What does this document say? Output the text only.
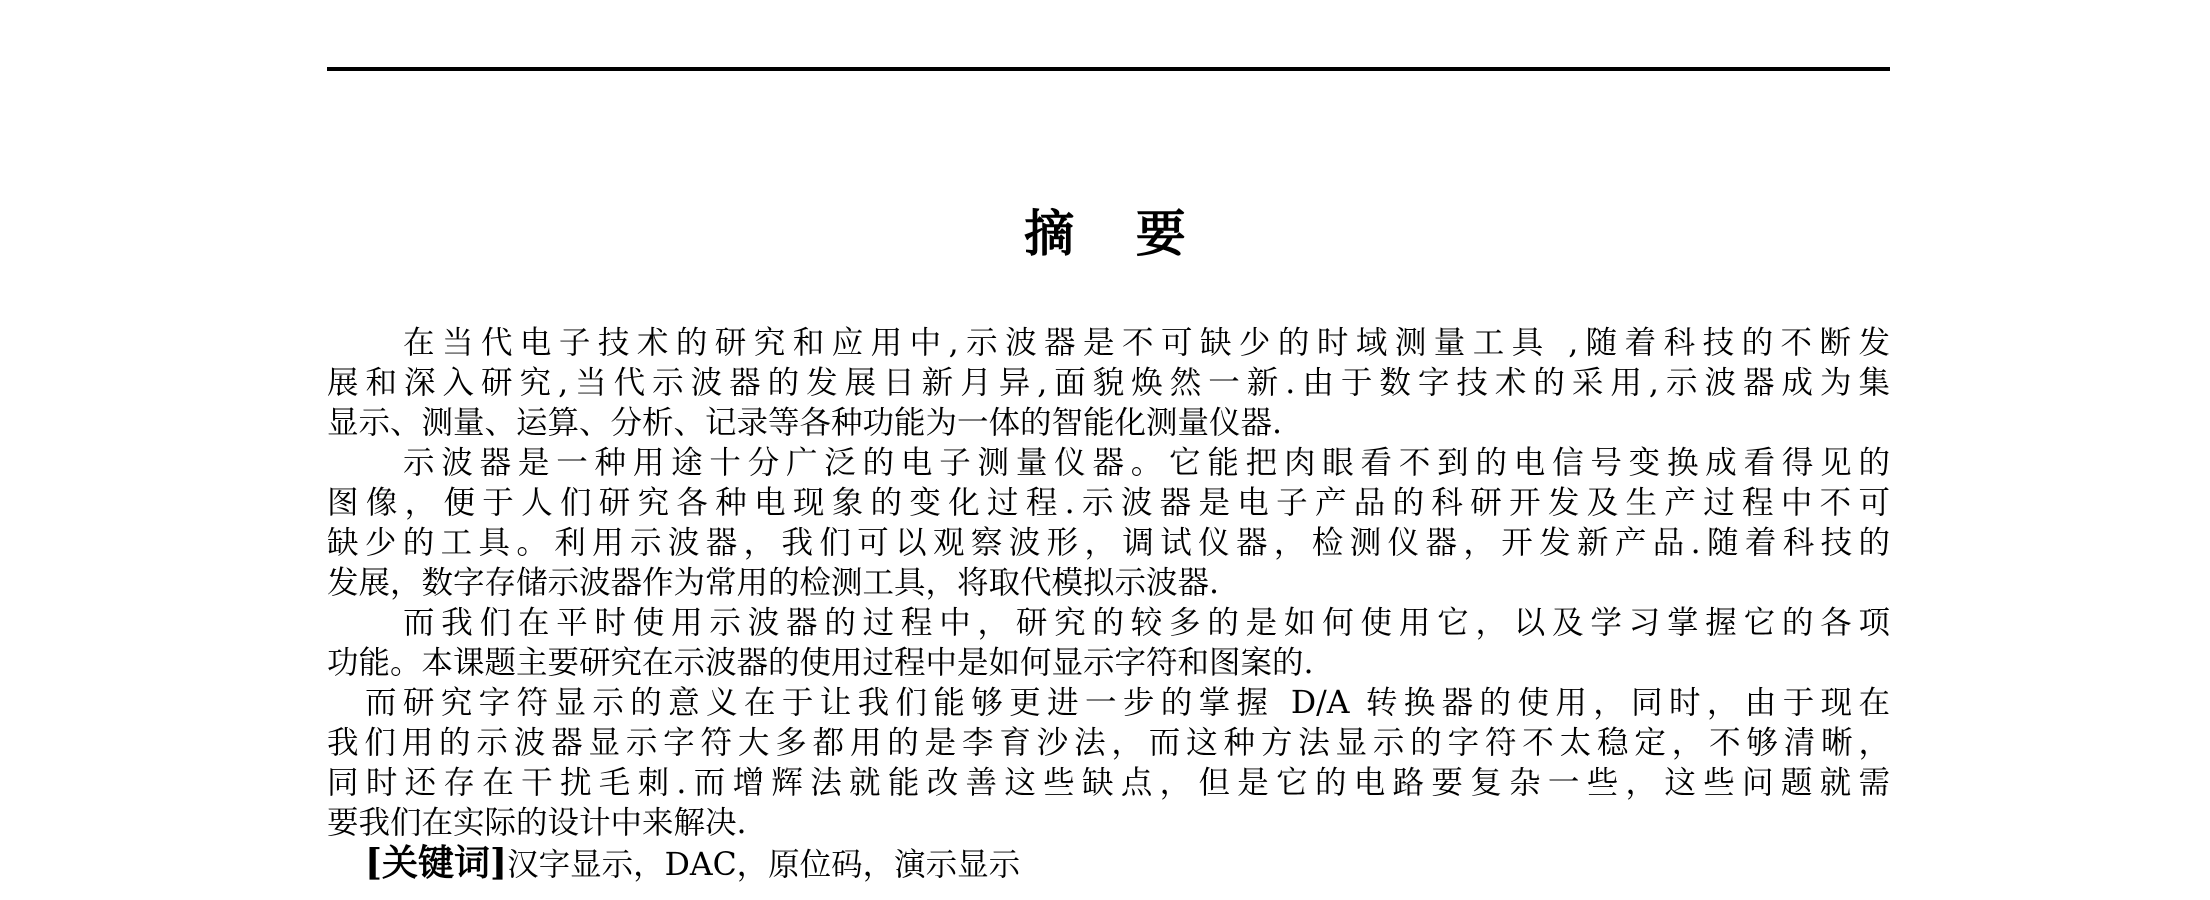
摘 要
在当代电子技术的研究和应用中,示波器是不可缺少的时域测量工具 ,随着科技的不断发
展和深入研究,当代示波器的发展日新月异,面貌焕然一新.由于数字技术的采用,示波器成为集
显示、测量、运算、分析、记录等各种功能为一体的智能化测量仪器.
示波器是一种用途十分广泛的电子测量仪器。它能把肉眼看不到的电信号变换成看得见的
图像，便于人们研究各种电现象的变化过程.示波器是电子产品的科研开发及生产过程中不可
缺少的工具。利用示波器，我们可以观察波形，调试仪器，检测仪器，开发新产品.随着科技的
发展，数字存储示波器作为常用的检测工具，将取代模拟示波器.
而我们在平时使用示波器的过程中，研究的较多的是如何使用它，以及学习掌握它的各项
功能。本课题主要研究在示波器的使用过程中是如何显示字符和图案的.
而研究字符显示的意义在于让我们能够更进一步的掌握 D/A 转换器的使用，同时，由于现在
我们用的示波器显示字符大多都用的是李育沙法，而这种方法显示的字符不太稳定，不够清晰，
同时还存在干扰毛刺.而增辉法就能改善这些缺点，但是它的电路要复杂一些，这些问题就需
要我们在实际的设计中来解决.
[关键词]汉字显示，DAC，原位码，演示显示
